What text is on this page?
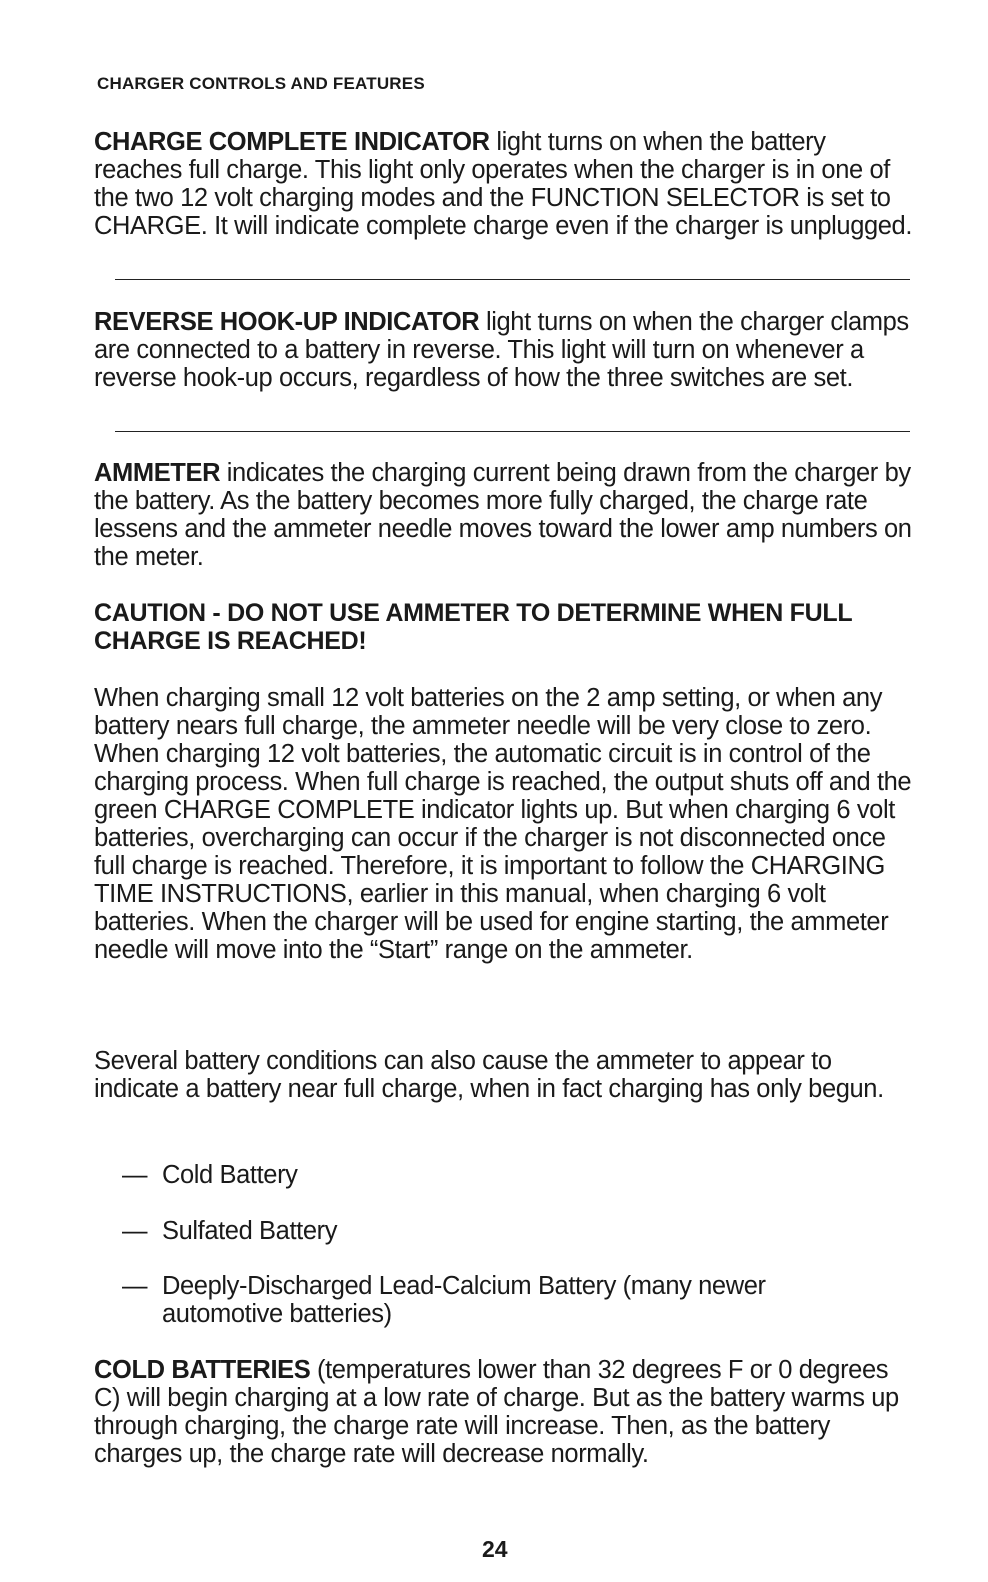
CHARGER CONTROLS AND FEATURES

CHARGE COMPLETE INDICATOR light turns on when the battery reaches full charge. This light only operates when the charger is in one of the two 12 volt charging modes and the FUNCTION SELECTOR is set to CHARGE. It will indicate complete charge even if the charger is unplugged.

REVERSE HOOK-UP INDICATOR light turns on when the charger clamps are connected to a battery in reverse. This light will turn on whenever a reverse hook-up occurs, regardless of how the three switches are set.

AMMETER indicates the charging current being drawn from the charger by the battery. As the battery becomes more fully charged, the charge rate lessens and the ammeter needle moves toward the lower amp numbers on the meter.

CAUTION - DO NOT USE AMMETER TO DETERMINE WHEN FULL CHARGE IS REACHED!

When charging small 12 volt batteries on the 2 amp setting, or when any battery nears full charge, the ammeter needle will be very close to zero. When charging 12 volt batteries, the automatic circuit is in control of the charging process. When full charge is reached, the output shuts off and the green CHARGE COMPLETE indicator lights up. But when charging 6 volt batteries, overcharging can occur if the charger is not disconnected once full charge is reached. Therefore, it is important to follow the CHARGING TIME INSTRUCTIONS, earlier in this manual, when charging 6 volt batteries. When the charger will be used for engine starting, the ammeter needle will move into the “Start” range on the ammeter.

Several battery conditions can also cause the ammeter to appear to indicate a battery near full charge, when in fact charging has only begun.

— Cold Battery
— Sulfated Battery
— Deeply-Discharged Lead-Calcium Battery (many newer automotive batteries)

COLD BATTERIES (temperatures lower than 32 degrees F or 0 degrees C) will begin charging at a low rate of charge. But as the battery warms up through charging, the charge rate will increase. Then, as the battery charges up, the charge rate will decrease normally.

24
